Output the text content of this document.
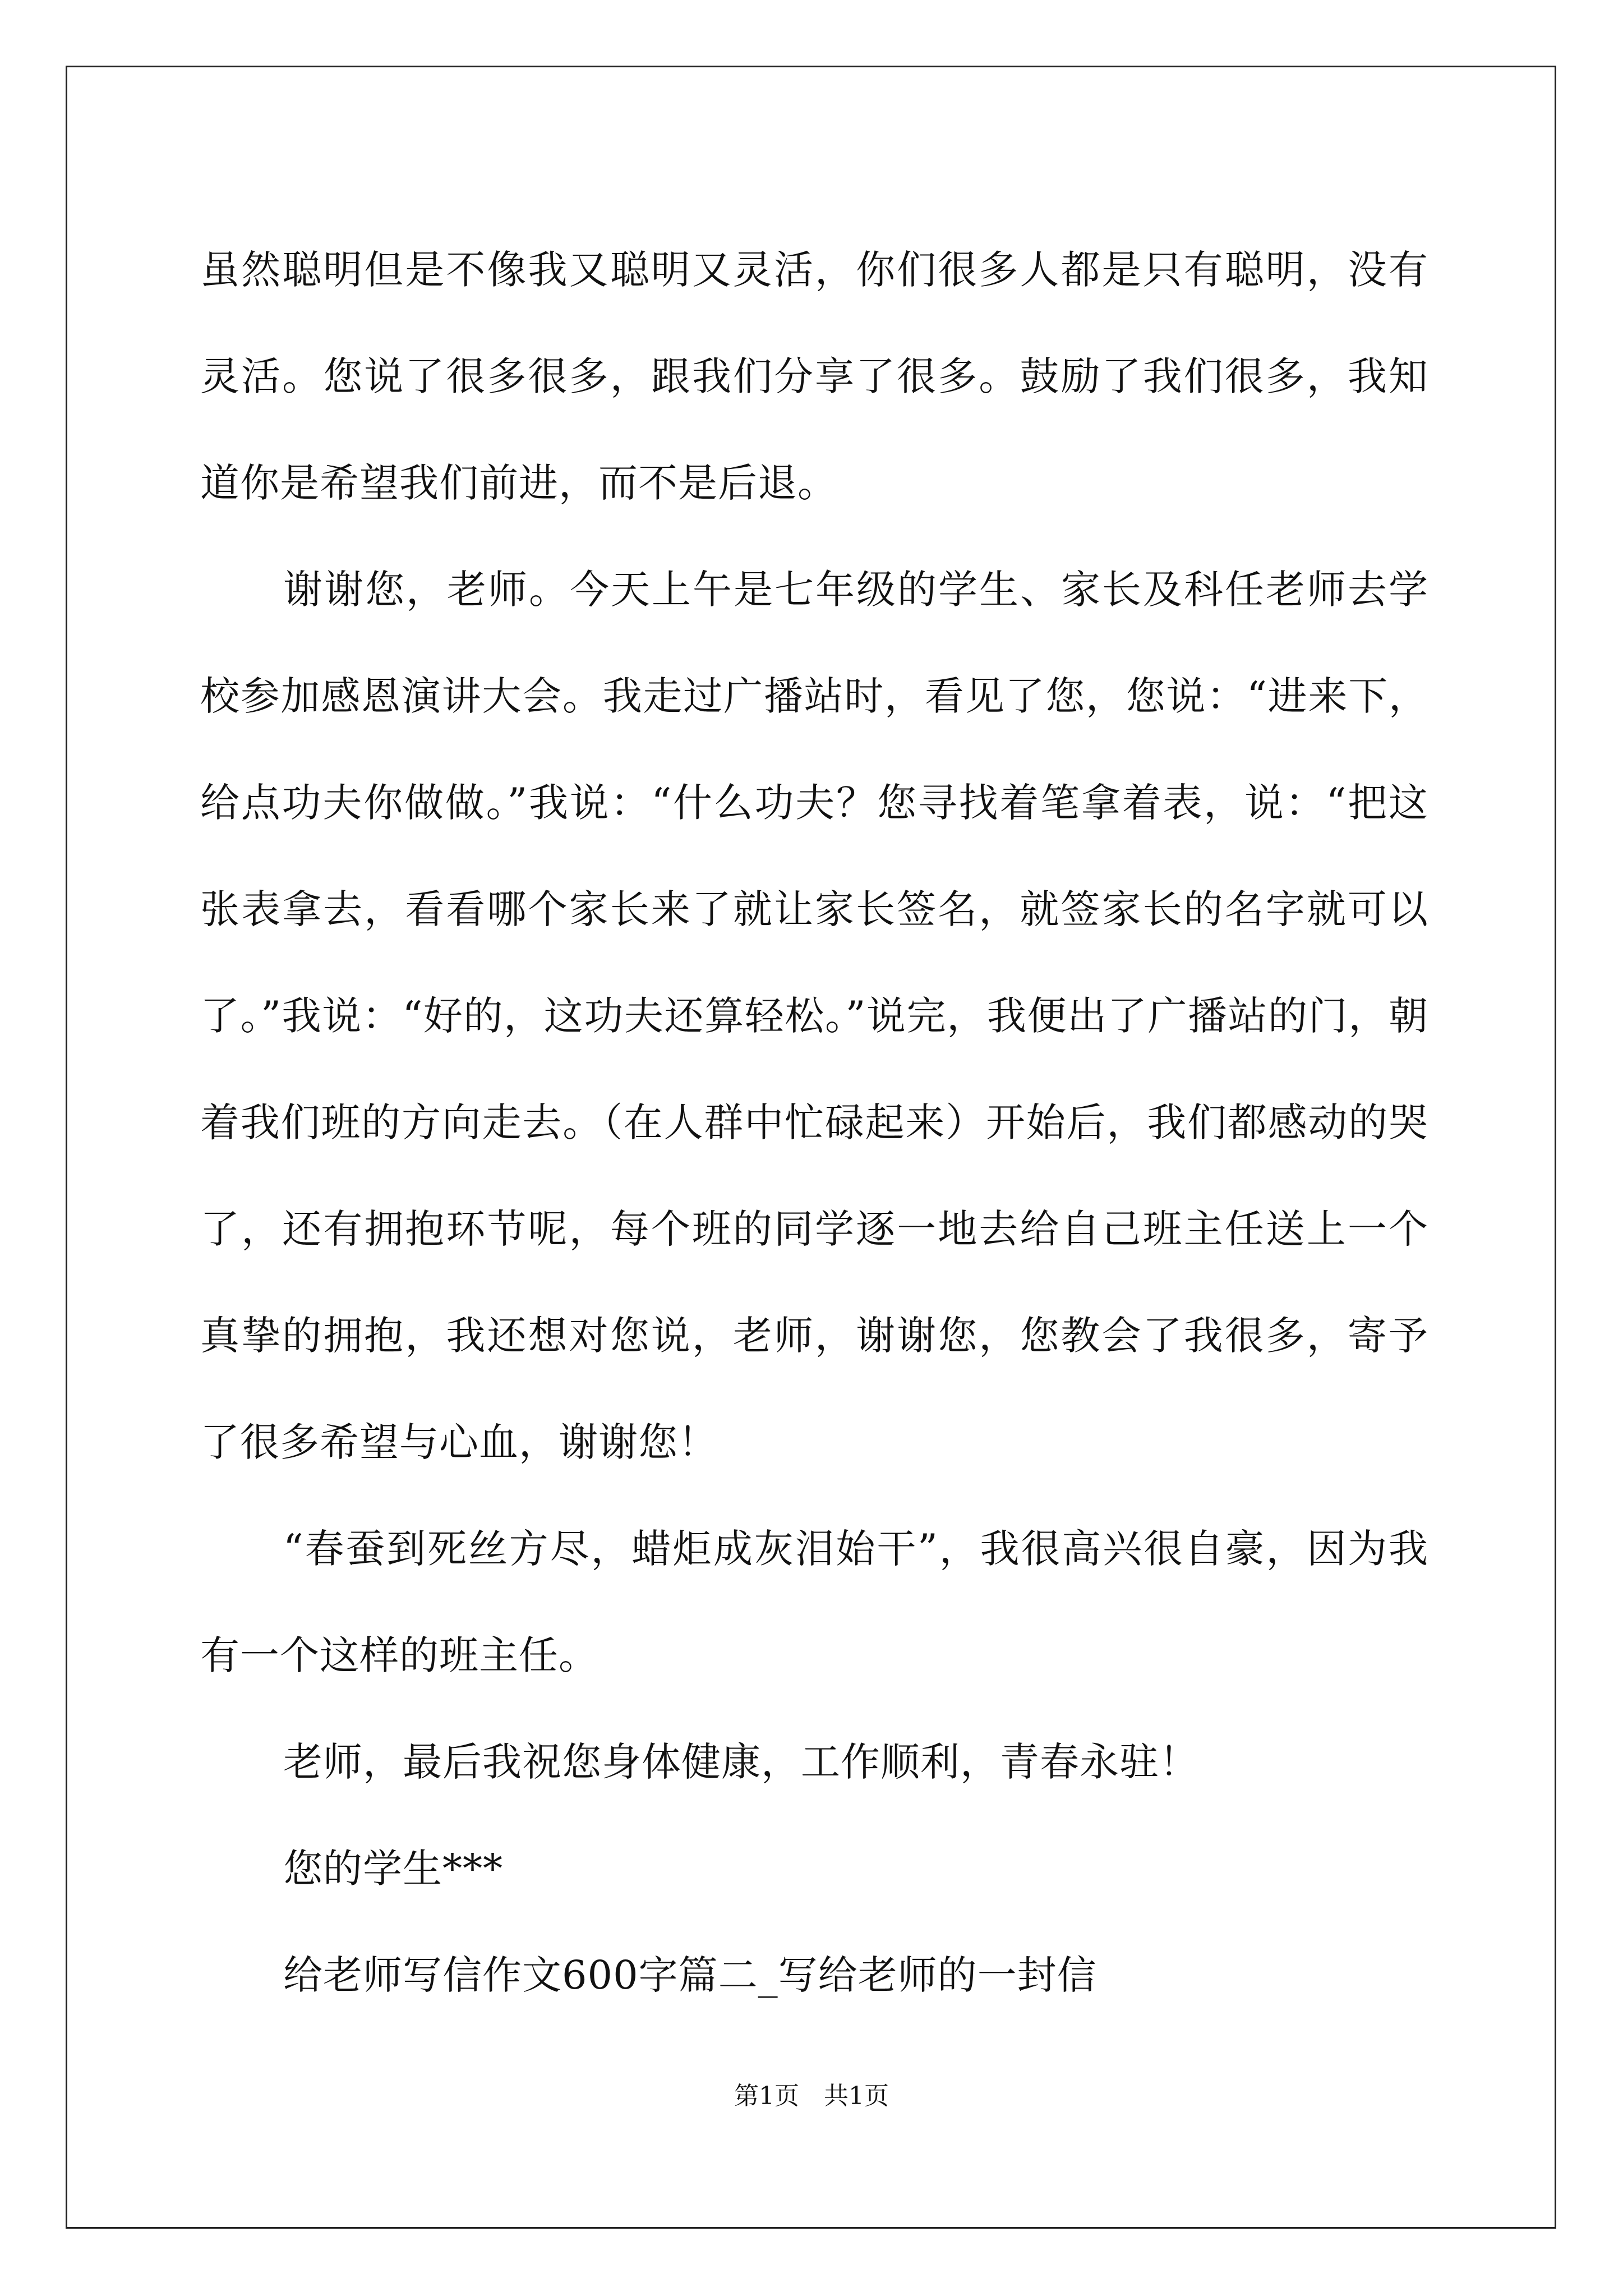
虽然聪明但是不像我又聪明又灵活，你们很多人都是只有聪明，没有灵活。您说了很多很多，跟我们分享了很多。鼓励了我们很多，我知道你是希望我们前进，而不是后退。

谢谢您，老师。今天上午是七年级的学生、家长及科任老师去学校参加感恩演讲大会。我走过广播站时，看见了您，您说：“进来下，给点功夫你做做。”我说：“什么功夫？您寻找着笔拿着表，说：“把这张表拿去，看看哪个家长来了就让家长签名，就签家长的名字就可以了。”我说：“好的，这功夫还算轻松。”说完，我便出了广播站的门，朝着我们班的方向走去。（在人群中忙碌起来）开始后，我们都感动的哭了，还有拥抱环节呢，每个班的同学逐一地去给自己班主任送上一个真挚的拥抱，我还想对您说，老师，谢谢您，您教会了我很多，寄予了很多希望与心血，谢谢您！

“春蚕到死丝方尽，蜡炬成灰泪始干”，我很高兴很自豪，因为我有一个这样的班主任。

老师，最后我祝您身体健康，工作顺利，青春永驻！

您的学生***

给老师写信作文600字篇二_写给老师的一封信

第1页　共1页
